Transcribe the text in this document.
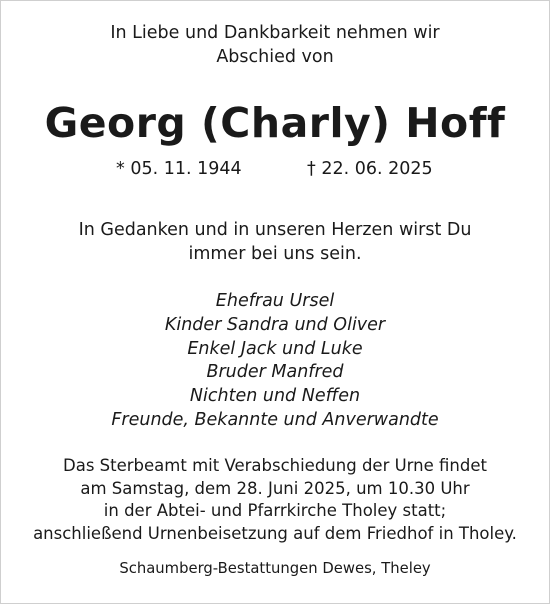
In Liebe und Dankbarkeit nehmen wir
Abschied von
Georg (Charly) Hoff
* 05. 11. 1944	† 22. 06. 2025
In Gedanken und in unseren Herzen wirst Du
immer bei uns sein.
Ehefrau Ursel
Kinder Sandra und Oliver
Enkel Jack und Luke
Bruder Manfred
Nichten und Neffen
Freunde, Bekannte und Anverwandte
Das Sterbeamt mit Verabschiedung der Urne findet
am Samstag, dem 28. Juni 2025, um 10.30 Uhr
in der Abtei- und Pfarrkirche Tholey statt;
anschließend Urnenbeisetzung auf dem Friedhof in Tholey.
Schaumberg-Bestattungen Dewes, Theley
